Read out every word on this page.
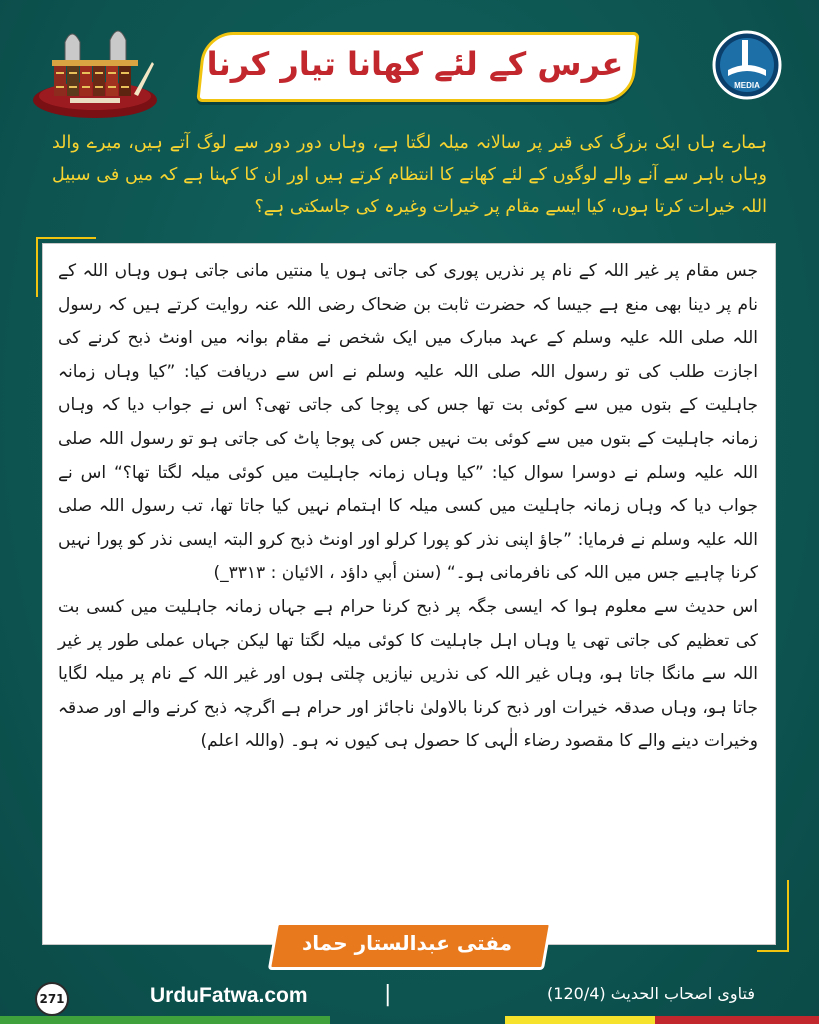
عرس کے لئے کھانا تیار کرنا
MEDIA
ہمارے ہاں ایک بزرگ کی قبر پر سالانہ میلہ لگتا ہے، وہاں دور دور سے لوگ آتے ہیں، میرے والد وہاں باہر سے آنے والے لوگوں کے لئے کھانے کا انتظام کرتے ہیں اور ان کا کہنا ہے کہ میں فی سبیل اللہ خیرات کرتا ہوں، کیا ایسے مقام پر خیرات وغیرہ کی جاسکتی ہے؟

جس مقام پر غیر اللہ کے نام پر نذریں پوری کی جاتی ہوں یا منتیں مانی جاتی ہوں وہاں اللہ کے نام پر دینا بھی منع ہے جیسا کہ حضرت ثابت بن ضحاک رضی اللہ عنہ روایت کرتے ہیں کہ رسول اللہ صلی اللہ علیہ وسلم کے عہد مبارک میں ایک شخص نے مقام بوانہ میں اونٹ ذبح کرنے کی اجازت طلب کی تو رسول اللہ صلی اللہ علیہ وسلم نے اس سے دریافت کیا: ”کیا وہاں زمانہ جاہلیت کے بتوں میں سے کوئی بت تھا جس کی پوجا کی جاتی تھی؟ اس نے جواب دیا کہ وہاں زمانہ جاہلیت کے بتوں میں سے کوئی بت نہیں جس کی پوجا پاٹ کی جاتی ہو تو رسول اللہ صلی اللہ علیہ وسلم نے دوسرا سوال کیا: ”کیا وہاں زمانہ جاہلیت میں کوئی میلہ لگتا تھا؟“ اس نے جواب دیا کہ وہاں زمانہ جاہلیت میں کسی میلہ کا اہتمام نہیں کیا جاتا تھا، تب رسول اللہ صلی اللہ علیہ وسلم نے فرمایا: ”جاؤ اپنی نذر کو پورا کرلو اور اونٹ ذبح کرو البتہ ایسی نذر کو پورا نہیں کرنا چاہیے جس میں اللہ کی نافرمانی ہو۔“ (سنن أبي داؤد ، الائيان : ۳۳۱۳_)

اس حدیث سے معلوم ہوا کہ ایسی جگہ پر ذبح کرنا حرام ہے جہاں زمانہ جاہلیت میں کسی بت کی تعظیم کی جاتی تھی یا وہاں اہل جاہلیت کا کوئی میلہ لگتا تھا لیکن جہاں عملی طور پر غیر اللہ سے مانگا جاتا ہو، وہاں غیر اللہ کی نذریں نیازیں چلتی ہوں اور غیر اللہ کے نام پر میلہ لگایا جاتا ہو، وہاں صدقہ خیرات اور ذبح کرنا بالاولیٰ ناجائز اور حرام ہے اگرچہ ذبح کرنے والے اور صدقہ وخیرات دینے والے کا مقصود رضاء الٰہی کا حصول ہی کیوں نہ ہو۔ (واللہ اعلم)

مفتی عبدالستار حماد
271	UrduFatwa.com	|	فتاوی اصحاب الحدیث (120/4)
